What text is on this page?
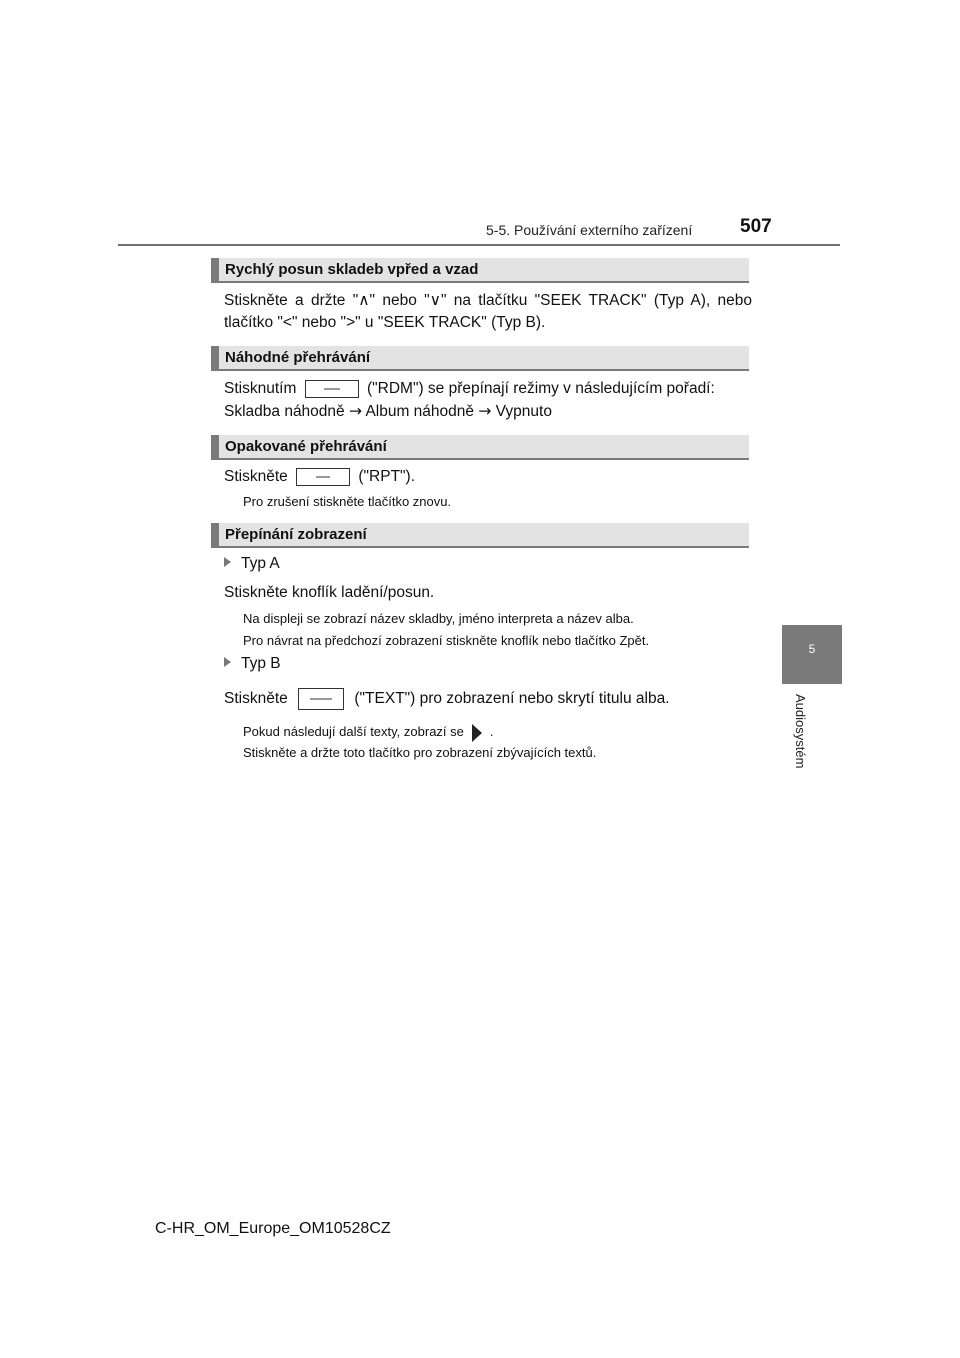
5-5. Používání externího zařízení	507
5
Audiosystém
Rychlý posun skladeb vpřed a vzad
Stiskněte a držte "∧" nebo "∨" na tlačítku "SEEK TRACK" (Typ A), nebo tlačítko "<" nebo ">" u "SEEK TRACK" (Typ B).
Náhodné přehrávání
Stisknutím	("RDM") se přepínají režimy v následujícím pořadí:
Skladba náhodně → Album náhodně → Vypnuto
Opakované přehrávání
Stiskněte	("RPT").
Pro zrušení stiskněte tlačítko znovu.
Přepínání zobrazení
Typ A
Stiskněte knoflík ladění/posun.
Na displeji se zobrazí název skladby, jméno interpreta a název alba.
Pro návrat na předchozí zobrazení stiskněte knoflík nebo tlačítko Zpět.
Typ B
Stiskněte	("TEXT") pro zobrazení nebo skrytí titulu alba.
Pokud následují další texty, zobrazí se .
Stiskněte a držte toto tlačítko pro zobrazení zbývajících textů.
C-HR_OM_Europe_OM10528CZ
